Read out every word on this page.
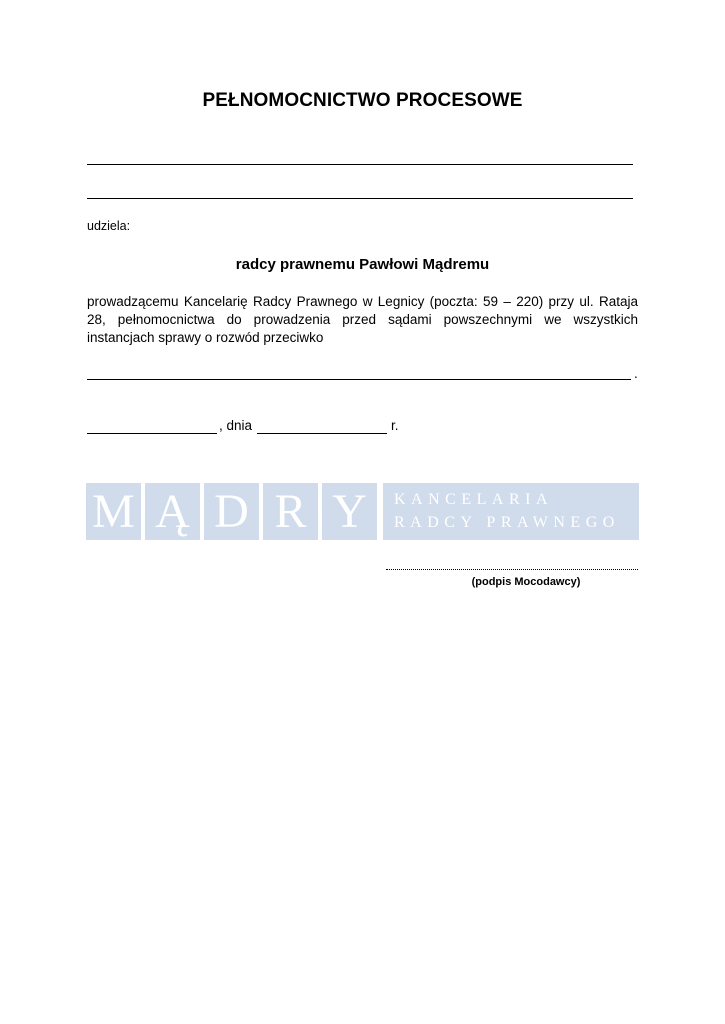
PEŁNOMOCNICTWO PROCESOWE
udziela:
radcy prawnemu Pawłowi Mądremu
prowadzącemu Kancelarię Radcy Prawnego w Legnicy (poczta: 59 – 220) przy ul. Rataja 28, pełnomocnictwa do prowadzenia przed sądami powszechnymi we wszystkich instancjach sprawy o rozwód przeciwko
.
, dnia	r.
M Ą D R Y	KANCELARIA
RADCY PRAWNEGO
(podpis Mocodawcy)
